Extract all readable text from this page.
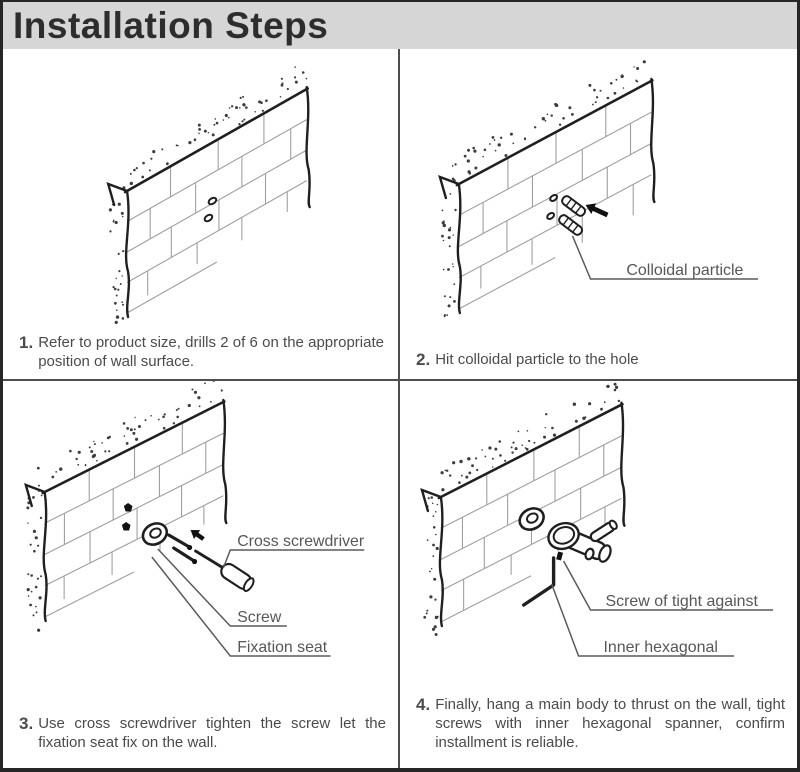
Installation Steps
1. Refer to product size, drills 2 of 6 on the appropriate position of wall surface.
Colloidal particle
2. Hit colloidal particle to the hole
Cross screwdriver
Screw
Fixation seat
3. Use cross screwdriver tighten the screw let the fixation seat fix on the wall.
Screw of tight against
Inner hexagonal
4. Finally, hang a main body to thrust on the wall, tight screws with inner hexagonal spanner, confirm installment is reliable.
